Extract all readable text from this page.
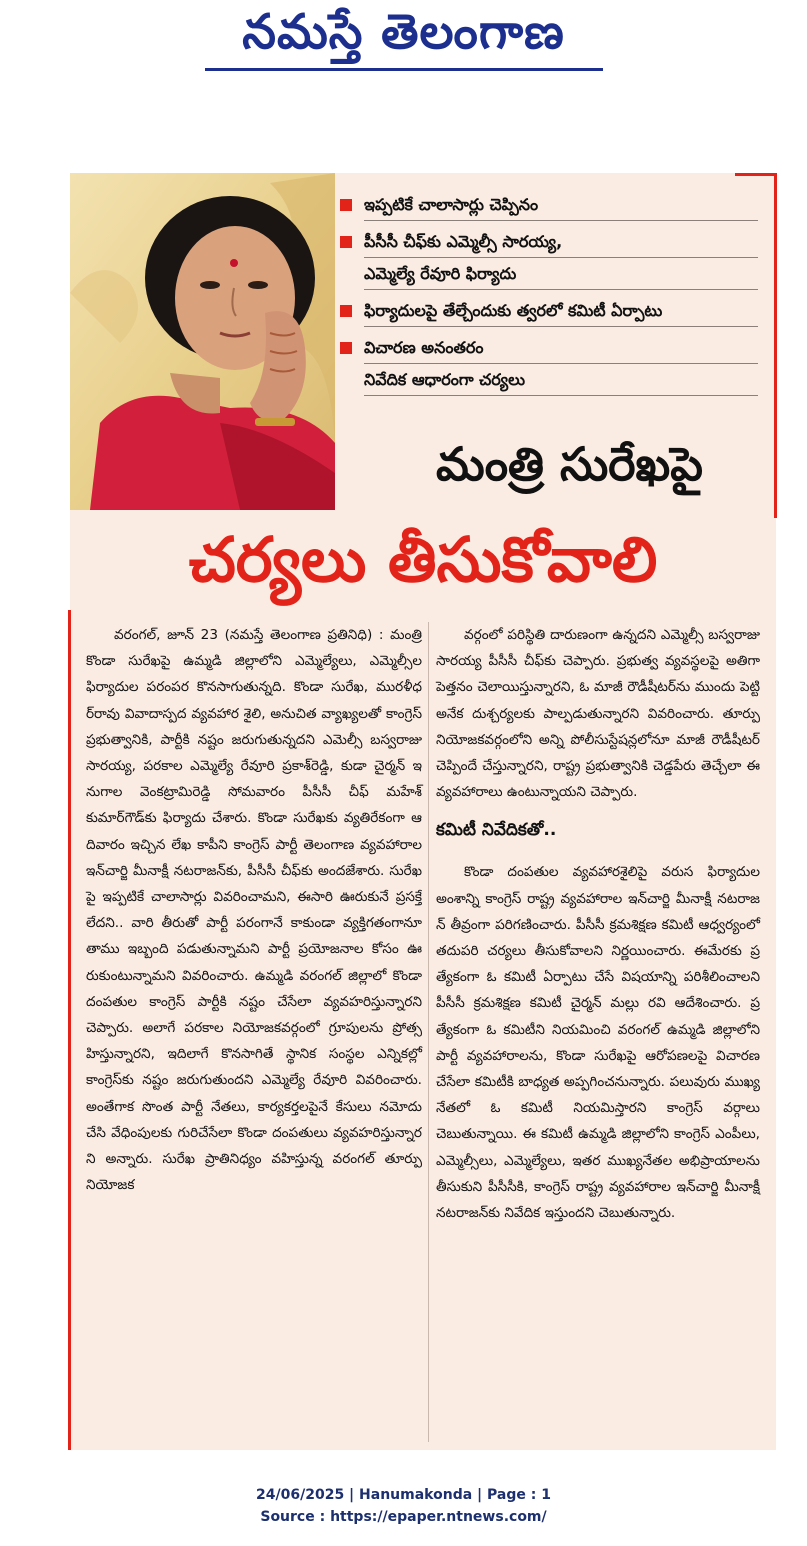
నమస్తే తెలంగాణ
ఇప్పటికే చాలాసార్లు చెప్పినం
పీసీసీ చీఫ్‌కు ఎమ్మెల్సీ సారయ్య,
ఎమ్మెల్యే రేవూరి ఫిర్యాదు
ఫిర్యాదులపై తేల్చేందుకు త్వరలో కమిటీ ఏర్పాటు
విచారణ అనంతరం
నివేదిక ఆధారంగా చర్యలు
మంత్రి సురేఖపై
చర్యలు తీసుకోవాలి

వరంగల్, జూన్ 23 (నమస్తే తెలంగాణ ప్రతినిధి) : మంత్రి కొండా సురేఖపై ఉమ్మడి జిల్లాలోని ఎమ్మెల్యేలు, ఎమ్మెల్సీల ఫిర్యాదుల పరంపర కొనసాగుతున్నది. కొండా సురేఖ, మురళీధర్‌రావు వివాదాస్పద వ్యవహార శైలి, అనుచిత వ్యాఖ్యలతో కాంగ్రెస్ ప్రభుత్వానికి, పార్టీకి నష్టం జరుగుతున్నదని ఎమెల్సీ బస్వరాజు సారయ్య, పరకాల ఎమ్మెల్యే రేవూరి ప్రకాశ్‌రెడ్డి, కుడా చైర్మన్ ఇనుగాల వెంకట్రామిరెడ్డి సోమవారం పీసీసీ చీఫ్ మహేశ్ కుమార్‌గౌడ్‌కు ఫిర్యాదు చేశారు. కొండా సురేఖకు వ్యతిరేకంగా ఆదివారం ఇచ్చిన లేఖ కాపీని కాంగ్రెస్ పార్టీ తెలంగాణ వ్యవహారాల ఇన్‌చార్జి మీనాక్షీ నటరాజన్‌కు, పీసీసీ చీఫ్‌కు అందజేశారు. సురేఖపై ఇప్పటికే చాలాసార్లు వివరించామని, ఈసారి ఊరుకునే ప్రసక్తే లేదని.. వారి తీరుతో పార్టీ పరంగానే కాకుండా వ్యక్తిగతంగానూ తాము ఇబ్బంది పడుతున్నామని పార్టీ ప్రయోజనాల కోసం ఊరుకుంటున్నామని వివరించారు. ఉమ్మడి వరంగల్ జిల్లాలో కొండా దంపతుల కాంగ్రెస్ పార్టీకి నష్టం చేసేలా వ్యవహరిస్తున్నారని చెప్పారు. అలాగే పరకాల నియోజకవర్గంలో గ్రూపులను ప్రోత్సహిస్తున్నారని, ఇదిలాగే కొనసాగితే స్థానిక సంస్థల ఎన్నికల్లో కాంగ్రెస్‌కు నష్టం జరుగుతుందని ఎమ్మెల్యే రేవూరి వివరించారు. అంతేగాక సొంత పార్టీ నేతలు, కార్యకర్తలపైనే కేసులు నమోదు చేసి వేధింపులకు గురిచేసేలా కొండా దంపతులు వ్యవహరిస్తున్నారని అన్నారు. సురేఖ ప్రాతినిధ్యం వహిస్తున్న వరంగల్ తూర్పు నియోజక

వర్గంలో పరిస్థితి దారుణంగా ఉన్నదని ఎమ్మెల్సీ బస్వరాజు సారయ్య పీసీసీ చీఫ్‌కు చెప్పారు. ప్రభుత్వ వ్యవస్థలపై అతిగా పెత్తనం చెలాయిస్తున్నారని, ఓ మాజీ రౌడీషీటర్‌ను ముందు పెట్టి అనేక దుశ్చర్యలకు పాల్పడుతున్నారని వివరించారు. తూర్పు నియోజకవర్గంలోని అన్ని పోలీసుస్టేషన్లలోనూ మాజీ రౌడీషీటర్ చెప్పిందే చేస్తున్నారని, రాష్ట్ర ప్రభుత్వానికి చెడ్డపేరు తెచ్చేలా ఈ వ్యవహారాలు ఉంటున్నాయని చెప్పారు.

కమిటీ నివేదికతో..

కొండా దంపతుల వ్యవహారశైలిపై వరుస ఫిర్యాదుల అంశాన్ని కాంగ్రెస్ రాష్ట్ర వ్యవహారాల ఇన్‌చార్జి మీనాక్షీ నటరాజన్ తీవ్రంగా పరిగణించారు. పీసీసీ క్రమశిక్షణ కమిటీ ఆధ్వర్యంలో తదుపరి చర్యలు తీసుకోవాలని నిర్ణయించారు. ఈమేరకు ప్రత్యేకంగా ఓ కమిటీ ఏర్పాటు చేసే విషయాన్ని పరిశీలించాలని పీసీసీ క్రమశిక్షణ కమిటీ చైర్మన్ మల్లు రవి ఆదేశించారు. ప్రత్యేకంగా ఓ కమిటీని నియమించి వరంగల్ ఉమ్మడి జిల్లాలోని పార్టీ వ్యవహారాలను, కొండా సురేఖపై ఆరోపణలపై విచారణ చేసేలా కమిటీకి బాధ్యత అప్పగించనున్నారు. పలువురు ముఖ్యనేతలో ఓ కమిటీ నియమిస్తారని కాంగ్రెస్ వర్గాలు చెబుతున్నాయి. ఈ కమిటీ ఉమ్మడి జిల్లాలోని కాంగ్రెస్ ఎంపీలు, ఎమ్మెల్సీలు, ఎమ్మెల్యేలు, ఇతర ముఖ్యనేతల అభిప్రాయాలను తీసుకుని పీసీసీకి, కాంగ్రెస్ రాష్ట్ర వ్యవహారాల ఇన్‌చార్జి మీనాక్షీ నటరాజన్‌కు నివేదిక ఇస్తుందని చెబుతున్నారు.

24/06/2025 | Hanumakonda | Page : 1
Source : https://epaper.ntnews.com/
